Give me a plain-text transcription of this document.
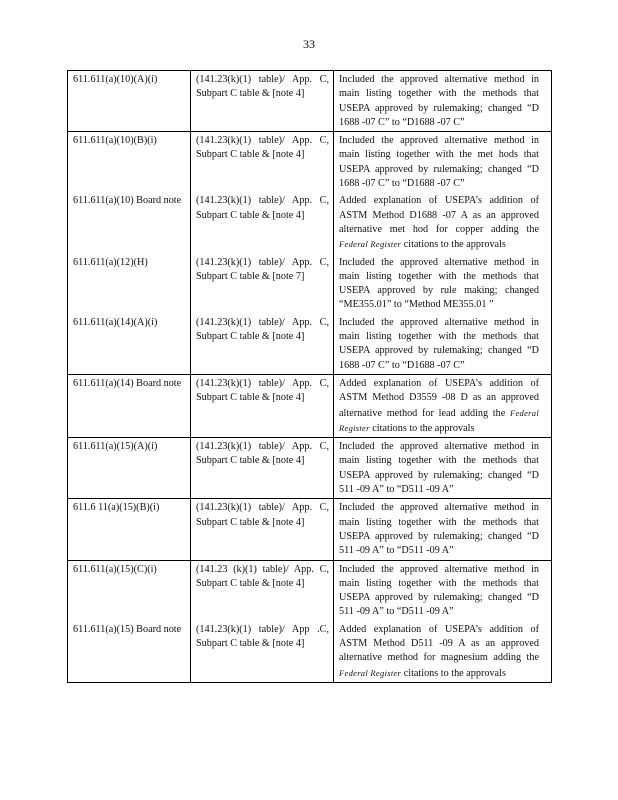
33
611.611(a)(10)(A)(i)	(141.23(k)(1) table)/ App. C, Subpart C table & [note 4]	Included the approved alternative method in main listing together with the methods that USEPA approved by rulemaking; changed “D 1688 -07 C” to “D1688 -07 C”
611.611(a)(10)(B)(i)	(141.23(k)(1) table)/ App. C, Subpart C table & [note 4]	Included the approved alternative method in main listing together with the met hods that USEPA approved by rulemaking; changed “D 1688 -07 C” to “D1688 -07 C”
611.611(a)(10) Board note	(141.23(k)(1) table)/ App. C, Subpart C table & [note 4]	Added explanation of USEPA’s addition of ASTM Method D1688 -07 A as an approved alternative met hod for copper adding the Federal Register citations to the approvals
611.611(a)(12)(H)	(141.23(k)(1) table)/ App. C, Subpart C table & [note 7]	Included the approved alternative method in main listing together with the methods that USEPA approved by rule making; changed “ME355.01” to “Method ME355.01 ”
611.611(a)(14)(A)(i)	(141.23(k)(1) table)/ App. C, Subpart C table & [note 4]	Included the approved alternative method in main listing together with the methods that USEPA approved by rulemaking; changed “D 1688 -07 C” to “D1688 -07 C”
611.611(a)(14) Board note	(141.23(k)(1) table)/ App. C, Subpart C table & [note 4]	Added explanation of USEPA’s addition of ASTM Method D3559 -08 D as an approved alternative method for lead adding the Federal Register citations to the approvals
611.611(a)(15)(A)(i)	(141.23(k)(1) table)/ App. C, Subpart C table & [note 4]	Included the approved alternative method in main listing together with the methods that USEPA approved by rulemaking; changed “D 511 -09 A” to “D511 -09 A”
611.6 11(a)(15)(B)(i)	(141.23(k)(1) table)/ App. C, Subpart C table & [note 4]	Included the approved alternative method in main listing together with the methods that USEPA approved by rulemaking; changed “D 511 -09 A” to “D511 -09 A”
611.611(a)(15)(C)(i)	(141.23 (k)(1) table)/ App. C, Subpart C table & [note 4]	Included the approved alternative method in main listing together with the methods that USEPA approved by rulemaking; changed “D 511 -09 A” to “D511 -09 A”
611.611(a)(15) Board note	(141.23(k)(1) table)/ App .C, Subpart C table & [note 4]	Added explanation of USEPA’s addition of ASTM Method D511 -09 A as an approved alternative method for magnesium adding the Federal Register citations to the approvals
